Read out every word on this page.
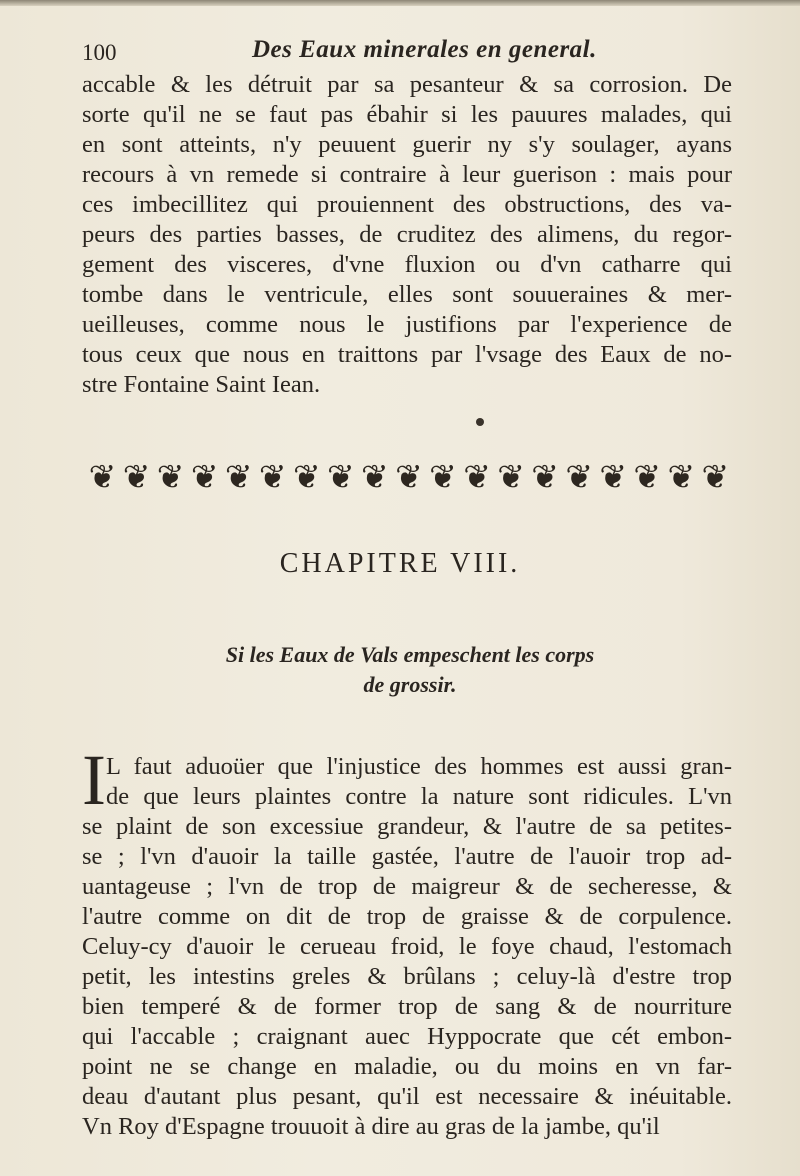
100	Des Eaux minerales en general.
accable & les détruit par sa pesanteur & sa corrosion. De
sorte qu'il ne se faut pas ébahir si les pauures malades, qui
en sont atteints, n'y peuuent guerir ny s'y soulager, ayans
recours à vn remede si contraire à leur guerison : mais pour
ces imbecillitez qui prouiennent des obstructions, des va-
peurs des parties basses, de cruditez des alimens, du regor-
gement des visceres, d'vne fluxion ou d'vn catharre qui
tombe dans le ventricule, elles sont souueraines & mer-
ueilleuses, comme nous le justifions par l'experience de
tous ceux que nous en traittons par l'vsage des Eaux de no-
stre Fontaine Saint Iean.
❦ ❦ ❦ ❦ ❦ ❦ ❦ ❦ ❦ ❦ ❦ ❦ ❦ ❦ ❦ ❦ ❦ ❦ ❦
CHAPITRE VIII.
Si les Eaux de Vals empeschent les corps
de grossir.
I L faut aduoüer que l'injustice des hommes est aussi gran-
de que leurs plaintes contre la nature sont ridicules. L'vn
se plaint de son excessiue grandeur, & l'autre de sa petites-
se ; l'vn d'auoir la taille gastée, l'autre de l'auoir trop ad-
uantageuse ; l'vn de trop de maigreur & de secheresse, &
l'autre comme on dit de trop de graisse & de corpulence.
Celuy-cy d'auoir le cerueau froid, le foye chaud, l'estomach
petit, les intestins greles & brûlans ; celuy-là d'estre trop
bien temperé & de former trop de sang & de nourriture
qui l'accable ; craignant auec Hyppocrate que cét embon-
point ne se change en maladie, ou du moins en vn far-
deau d'autant plus pesant, qu'il est necessaire & inéuitable.
Vn Roy d'Espagne trouuoit à dire au gras de la jambe, qu'il
